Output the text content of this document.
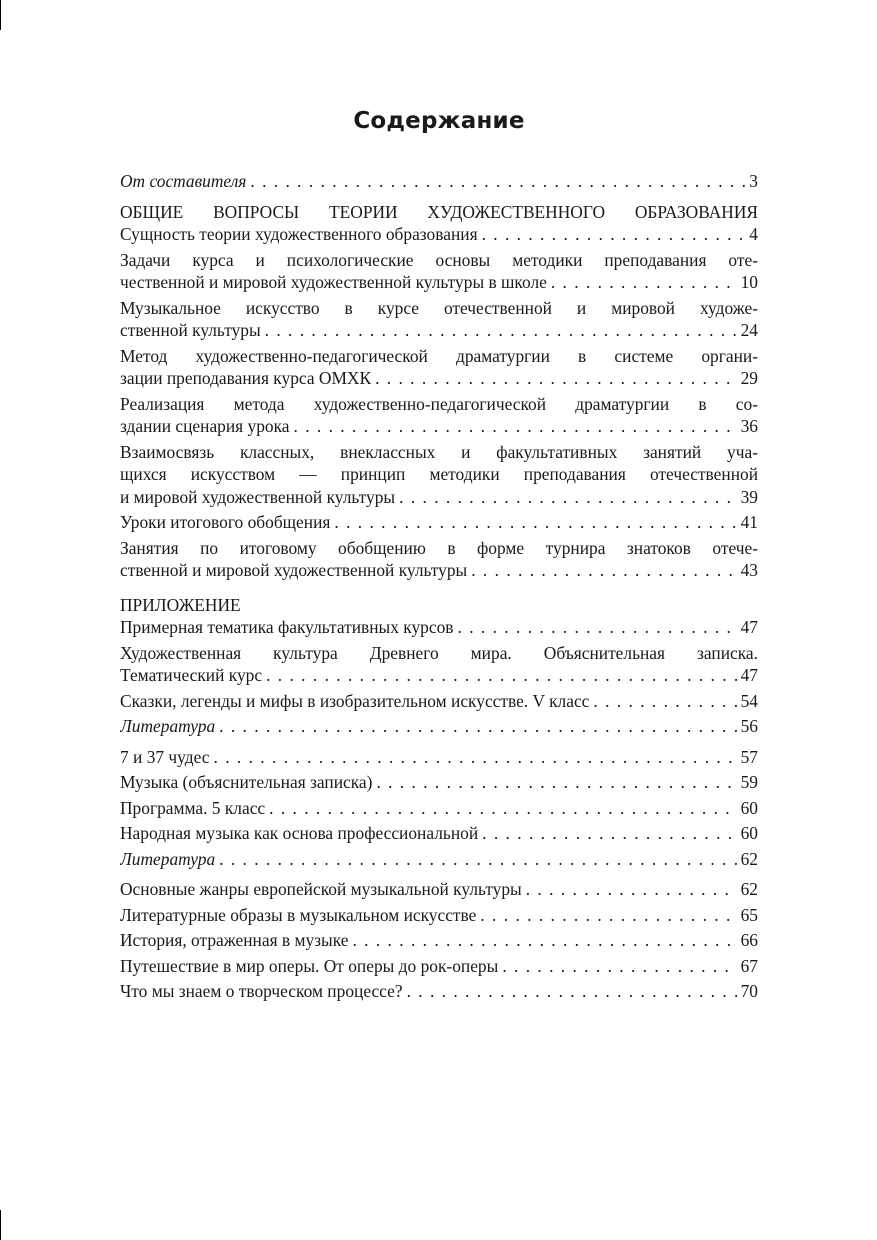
Содержание
От составителя . . .	3
ОБЩИЕ ВОПРОСЫ ТЕОРИИ ХУДОЖЕСТВЕННОГО ОБРАЗОВАНИЯ
Сущность теории художественного образования . . .	4
Задачи курса и психологические основы методики преподавания оте-
чественной и мировой художественной культуры в школе . . .	10
Музыкальное искусство в курсе отечественной и мировой художе-
ственной культуры . . .	24
Метод художественно-педагогической драматургии в системе органи-
зации преподавания курса ОМХК . . .	29
Реализация метода художественно-педагогической драматургии в со-
здании сценария урока . . .	36
Взаимосвязь классных, внеклассных и факультативных занятий уча-
щихся искусством — принцип методики преподавания отечественной
и мировой художественной культуры . . .	39
Уроки итогового обобщения . . .	41
Занятия по итоговому обобщению в форме турнира знатоков отече-
ственной и мировой художественной культуры . . .	43
ПРИЛОЖЕНИЕ
Примерная тематика факультативных курсов . . .	47
Художественная культура Древнего мира. Объяснительная записка.
Тематический курс . . .	47
Сказки, легенды и мифы в изобразительном искусстве. V класс . . .	54
Литература . . .	56
7 и 37 чудес . . .	57
Музыка (объяснительная записка) . . .	59
Программа. 5 класс . . .	60
Народная музыка как основа профессиональной . . .	60
Литература . . .	62
Основные жанры европейской музыкальной культуры . . .	62
Литературные образы в музыкальном искусстве . . .	65
История, отраженная в музыке . . .	66
Путешествие в мир оперы. От оперы до рок-оперы . . .	67
Что мы знаем о творческом процессе? . . .	70
